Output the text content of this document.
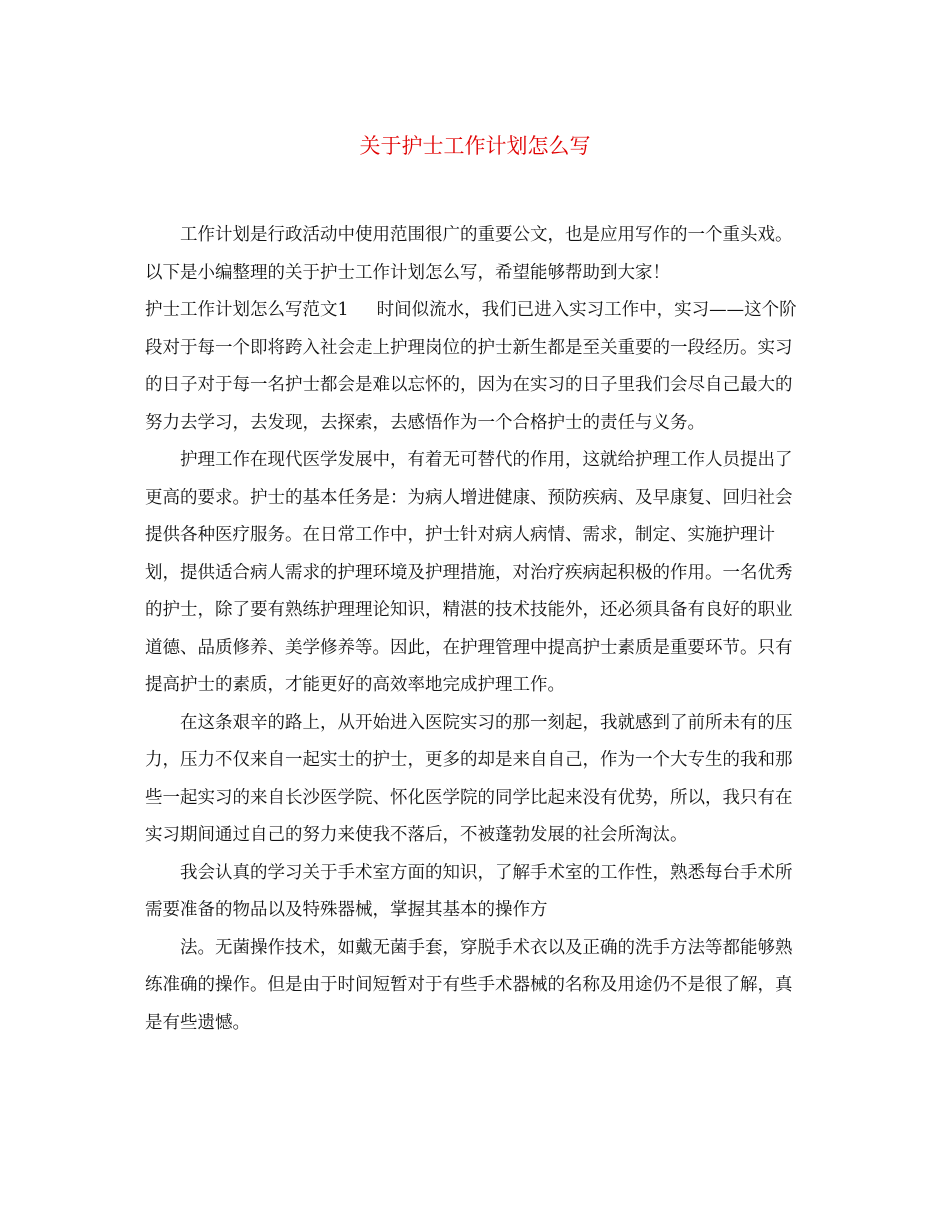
关于护士工作计划怎么写

工作计划是行政活动中使用范围很广的重要公文，也是应用写作的一个重头戏。以下是小编整理的关于护士工作计划怎么写，希望能够帮助到大家！

护士工作计划怎么写范文1 时间似流水，我们已进入实习工作中，实习——这个阶段对于每一个即将跨入社会走上护理岗位的护士新生都是至关重要的一段经历。实习的日子对于每一名护士都会是难以忘怀的，因为在实习的日子里我们会尽自己最大的努力去学习，去发现，去探索，去感悟作为一个合格护士的责任与义务。

护理工作在现代医学发展中，有着无可替代的作用，这就给护理工作人员提出了更高的要求。护士的基本任务是：为病人增进健康、预防疾病、及早康复、回归社会提供各种医疗服务。在日常工作中，护士针对病人病情、需求，制定、实施护理计划，提供适合病人需求的护理环境及护理措施，对治疗疾病起积极的作用。一名优秀的护士，除了要有熟练护理理论知识，精湛的技术技能外，还必须具备有良好的职业道德、品质修养、美学修养等。因此，在护理管理中提高护士素质是重要环节。只有提高护士的素质，才能更好的高效率地完成护理工作。

在这条艰辛的路上，从开始进入医院实习的那一刻起，我就感到了前所未有的压力，压力不仅来自一起实士的护士，更多的却是来自自己，作为一个大专生的我和那些一起实习的来自长沙医学院、怀化医学院的同学比起来没有优势，所以，我只有在实习期间通过自己的努力来使我不落后，不被蓬勃发展的社会所淘汰。

我会认真的学习关于手术室方面的知识，了解手术室的工作性，熟悉每台手术所需要准备的物品以及特殊器械，掌握其基本的操作方

法。无菌操作技术，如戴无菌手套，穿脱手术衣以及正确的洗手方法等都能够熟练准确的操作。但是由于时间短暂对于有些手术器械的名称及用途仍不是很了解，真是有些遗憾。
